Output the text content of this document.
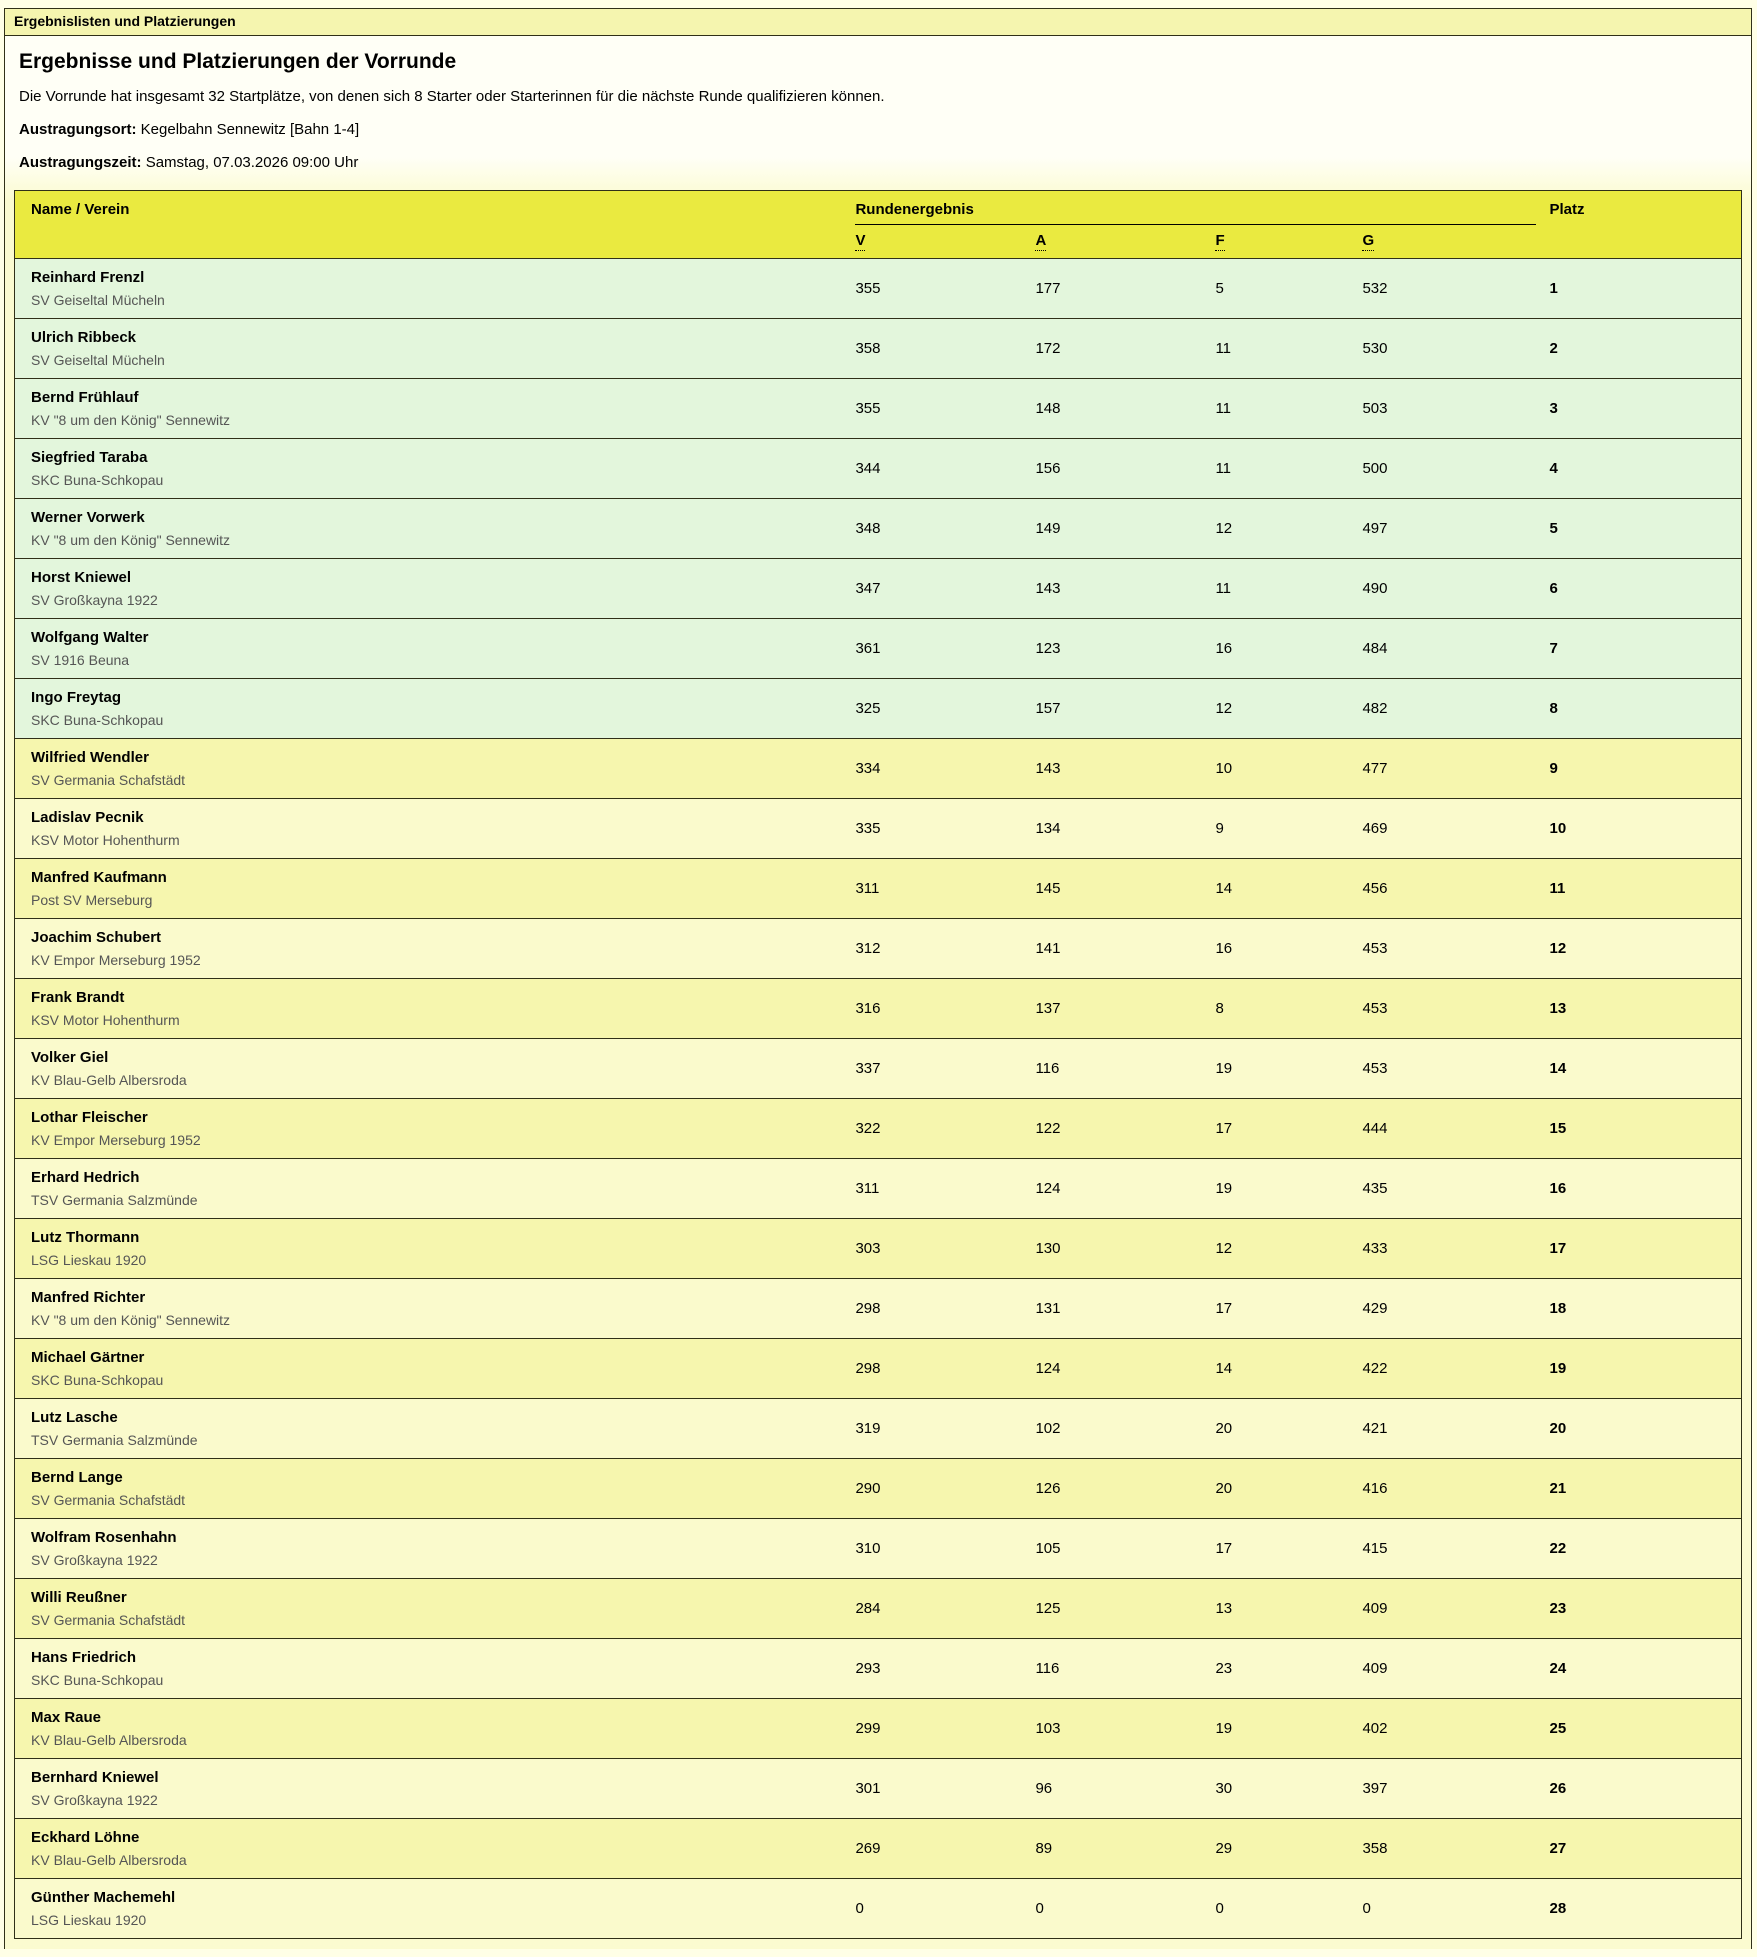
Ergebnislisten und Platzierungen
Ergebnisse und Platzierungen der Vorrunde

Die Vorrunde hat insgesamt 32 Startplätze, von denen sich 8 Starter oder Starterinnen für die nächste Runde qualifizieren können.

Austragungsort: Kegelbahn Sennewitz [Bahn 1-4]

Austragungszeit: Samstag, 07.03.2026 09:00 Uhr

Name / Verein	Rundenergebnis				Platz
	V	A	F	G	

Reinhard Frenzl
SV Geiseltal Mücheln	355	177	5	532	1

Ulrich Ribbeck
SV Geiseltal Mücheln	358	172	11	530	2

Bernd Frühlauf
KV "8 um den König" Sennewitz	355	148	11	503	3

Siegfried Taraba
SKC Buna-Schkopau	344	156	11	500	4

Werner Vorwerk
KV "8 um den König" Sennewitz	348	149	12	497	5

Horst Kniewel
SV Großkayna 1922	347	143	11	490	6

Wolfgang Walter
SV 1916 Beuna	361	123	16	484	7

Ingo Freytag
SKC Buna-Schkopau	325	157	12	482	8

Wilfried Wendler
SV Germania Schafstädt	334	143	10	477	9

Ladislav Pecnik
KSV Motor Hohenthurm	335	134	9	469	10

Manfred Kaufmann
Post SV Merseburg	311	145	14	456	11

Joachim Schubert
KV Empor Merseburg 1952	312	141	16	453	12

Frank Brandt
KSV Motor Hohenthurm	316	137	8	453	13

Volker Giel
KV Blau-Gelb Albersroda	337	116	19	453	14

Lothar Fleischer
KV Empor Merseburg 1952	322	122	17	444	15

Erhard Hedrich
TSV Germania Salzmünde	311	124	19	435	16

Lutz Thormann
LSG Lieskau 1920	303	130	12	433	17

Manfred Richter
KV "8 um den König" Sennewitz	298	131	17	429	18

Michael Gärtner
SKC Buna-Schkopau	298	124	14	422	19

Lutz Lasche
TSV Germania Salzmünde	319	102	20	421	20

Bernd Lange
SV Germania Schafstädt	290	126	20	416	21

Wolfram Rosenhahn
SV Großkayna 1922	310	105	17	415	22

Willi Reußner
SV Germania Schafstädt	284	125	13	409	23

Hans Friedrich
SKC Buna-Schkopau	293	116	23	409	24

Max Raue
KV Blau-Gelb Albersroda	299	103	19	402	25

Bernhard Kniewel
SV Großkayna 1922	301	96	30	397	26

Eckhard Löhne
KV Blau-Gelb Albersroda	269	89	29	358	27

Günther Machemehl
LSG Lieskau 1920	0	0	0	0	28
